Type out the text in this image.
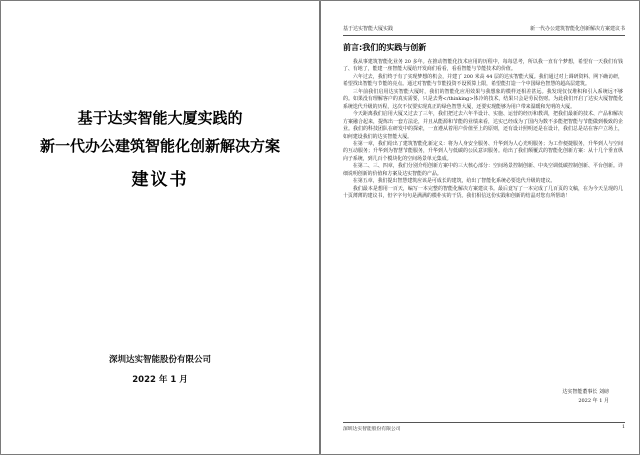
基于达实智能大厦实践的
新一代办公建筑智能化创新解决方案
建议书
深圳达实智能股份有限公司
2022 年 1 月
基于达实智能大厦实践	新一代办公建筑智能化创新解决方案建议书
前言:我们的实践与创新

我从事建筑智能化业务 20 多年。在推动智能化技术应用的历程中，每每思考，所以我一直有个梦想，希望有一天我们有钱了、有地了，能建一座智能大厦给开发商们看看，看看智能与节能技术的价值。

六年过去，我们终于有了实现梦想的机会，并建了 200 米高 44 层的达实智能大厦。我们通过对上调研资料、网下确访研，希望找出智能与节能的亮点。通过对智能与节能投资不设预算上限，希望能打造一个中国绿色智慧的超高层建筑。

三年前我们启用达实智能大厦时，我们的智能化应用效果与我想象的模样还相差甚远。我发现仅仅堆积和引入系统远不够的。如果没有理解客户的真实需要，只是去秀</thinking>体冷的技术，结果只会是劳民伤财。为此我们开启了达实大厦智能化系统迭代升级的历程，这次不仅要实现真正的绿色智慧大厦，还要实现能够为用户带来温暖和光明的大厦。

今天距离我们启用大厦又过去了三年，我们把过去六年半设计、实施、运营的经历和教训，把我们最新的技术、产品和解决方案融合起来，提炼出一套方法论，并且从能源和节能的业绩来看，达实已经成为了国内为数不多能把智能与节能做到极致的企业。我们的科技团队在研发中的探索，一直遵从着用户价值至上的原则，还有设计照明还是在设计，我们总是站在客户立场上，如何建设我们的达实智能大厦。

在第一章，我们给出了建筑智能化新定义：将为人身安全服务、升华到为人心光明服务；为工作便捷服务，升华到人与空间的互动服务；升华到为智慧节能服务，升华到人与低碳的公民意识服务。给出了我们颠覆式的智能化创新方案：从十几个垂直纵向子系统，到几百个模块化的空间场景单元集成。

在第二、三、四章，我们分别介绍创新方案中的三大核心部分：空间场景控制创新、中央空调低碳控制创新、平台创新。详细说明创新的价值和方案及达实智能的产品。

在第五章，我们提出智慧建筑应该是可成长的建筑，给出了智能化系统必要迭代升级的建议。

我们最本是想用一百天，编写一本完整的智能化解决方案建议书。最后竟写了一本完成了几百页的文稿，在为今天呈现的几十页薄薄的建议书，但字字句句是满满的模朴实的干货。我们相信这份实践和创新的结晶对您有所帮助！

达实智能董事长 刘磅
2022 年 1 月
深圳达实智能股份有限公司	1
